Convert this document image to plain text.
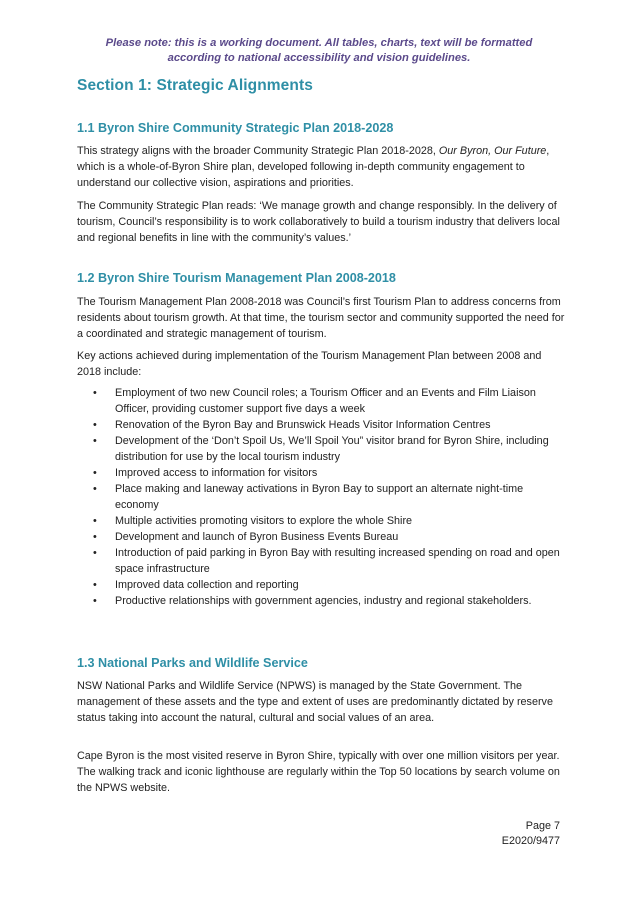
Please note: this is a working document. All tables, charts, text will be formatted
according to national accessibility and vision guidelines.
Section 1: Strategic Alignments
1.1 Byron Shire Community Strategic Plan 2018-2028

This strategy aligns with the broader Community Strategic Plan 2018-2028, Our Byron, Our Future, which is a whole-of-Byron Shire plan, developed following in-depth community engagement to understand our collective vision, aspirations and priorities.

The Community Strategic Plan reads: ‘We manage growth and change responsibly. In the delivery of tourism, Council’s responsibility is to work collaboratively to build a tourism industry that delivers local and regional benefits in line with the community’s values.’

1.2 Byron Shire Tourism Management Plan 2008-2018

The Tourism Management Plan 2008-2018 was Council’s first Tourism Plan to address concerns from residents about tourism growth. At that time, the tourism sector and community supported the need for a coordinated and strategic management of tourism.

Key actions achieved during implementation of the Tourism Management Plan between 2008 and 2018 include:

• Employment of two new Council roles; a Tourism Officer and an Events and Film Liaison Officer, providing customer support five days a week
• Renovation of the Byron Bay and Brunswick Heads Visitor Information Centres
• Development of the ‘Don’t Spoil Us, We’ll Spoil You” visitor brand for Byron Shire, including distribution for use by the local tourism industry
• Improved access to information for visitors
• Place making and laneway activations in Byron Bay to support an alternate night-time economy
• Multiple activities promoting visitors to explore the whole Shire
• Development and launch of Byron Business Events Bureau
• Introduction of paid parking in Byron Bay with resulting increased spending on road and open space infrastructure
• Improved data collection and reporting
• Productive relationships with government agencies, industry and regional stakeholders.
1.3 National Parks and Wildlife Service

NSW National Parks and Wildlife Service (NPWS) is managed by the State Government. The management of these assets and the type and extent of uses are predominantly dictated by reserve status taking into account the natural, cultural and social values of an area.

Cape Byron is the most visited reserve in Byron Shire, typically with over one million visitors per year. The walking track and iconic lighthouse are regularly within the Top 50 locations by search volume on the NPWS website.

Page 7
E2020/9477
